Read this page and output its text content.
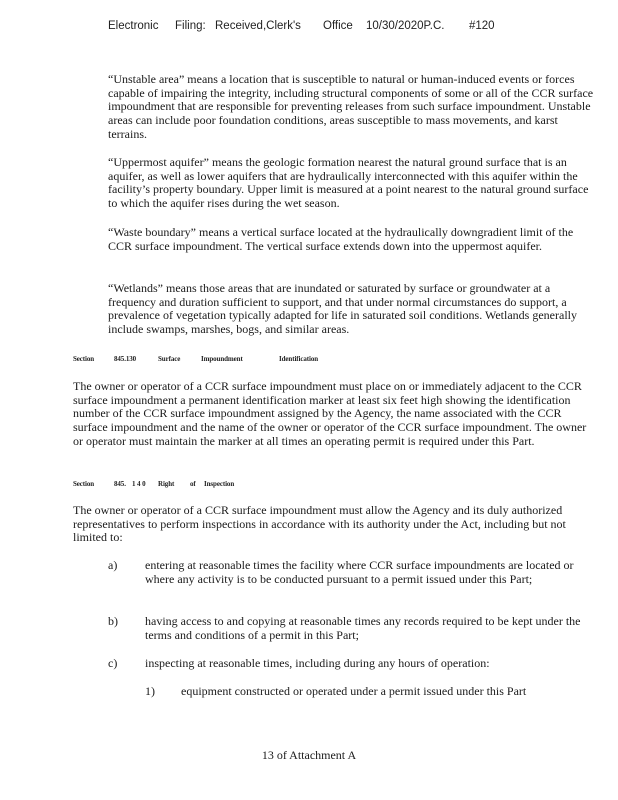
Electronic Filing: Received,Clerk's Office 10/30/2020P.C. #120

“Unstable area” means a location that is susceptible to natural or human-induced events or forces capable of impairing the integrity, including structural components of some or all of the CCR surface impoundment that are responsible for preventing releases from such surface impoundment. Unstable areas can include poor foundation conditions, areas susceptible to mass movements, and karst terrains.

“Uppermost aquifer” means the geologic formation nearest the natural ground surface that is an aquifer, as well as lower aquifers that are hydraulically interconnected with this aquifer within the facility’s property boundary. Upper limit is measured at a point nearest to the natural ground surface to which the aquifer rises during the wet season.

“Waste boundary” means a vertical surface located at the hydraulically downgradient limit of the CCR surface impoundment. The vertical surface extends down into the uppermost aquifer.

“Wetlands” means those areas that are inundated or saturated by surface or groundwater at a frequency and duration sufficient to support, and that under normal circumstances do support, a prevalence of vegetation typically adapted for life in saturated soil conditions. Wetlands generally include swamps, marshes, bogs, and similar areas.

Section	845.130	Surface	Impoundment	Identification

The owner or operator of a CCR surface impoundment must place on or immediately adjacent to the CCR surface impoundment a permanent identification marker at least six feet high showing the identification number of the CCR surface impoundment assigned by the Agency, the name associated with the CCR surface impoundment and the name of the owner or operator of the CCR surface impoundment. The owner or operator must maintain the marker at all times an operating permit is required under this Part.

Section	845. 1 4 0 Right of Inspection

The owner or operator of a CCR surface impoundment must allow the Agency and its duly authorized representatives to perform inspections in accordance with its authority under the Act, including but not limited to:

a) entering at reasonable times the facility where CCR surface impoundments are located or where any activity is to be conducted pursuant to a permit issued under this Part;

b) having access to and copying at reasonable times any records required to be kept under the terms and conditions of a permit in this Part;

c) inspecting at reasonable times, including during any hours of operation:

1) equipment constructed or operated under a permit issued under this Part

13 of Attachment A
